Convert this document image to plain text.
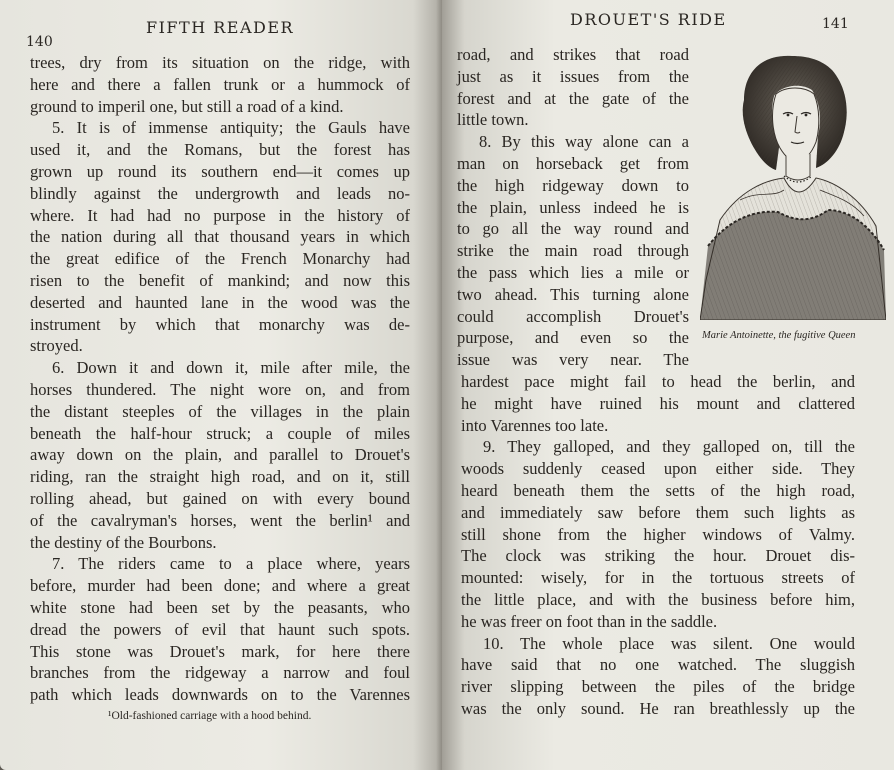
140
FIFTH READER
trees, dry from its situation on the ridge, with
here and there a fallen trunk or a hummock of
ground to imperil one, but still a road of a kind.
5. It is of immense antiquity; the Gauls have
used it, and the Romans, but the forest has
grown up round its southern end—it comes up
blindly against the undergrowth and leads no-
where. It had had no purpose in the history of
the nation during all that thousand years in which
the great edifice of the French Monarchy had
risen to the benefit of mankind; and now this
deserted and haunted lane in the wood was the
instrument by which that monarchy was de-
stroyed.
6. Down it and down it, mile after mile, the
horses thundered. The night wore on, and from
the distant steeples of the villages in the plain
beneath the half-hour struck; a couple of miles
away down on the plain, and parallel to Drouet's
riding, ran the straight high road, and on it, still
rolling ahead, but gained on with every bound
of the cavalryman's horses, went the berlin¹ and
the destiny of the Bourbons.
7. The riders came to a place where, years
before, murder had been done; and where a great
white stone had been set by the peasants, who
dread the powers of evil that haunt such spots.
This stone was Drouet's mark, for here there
branches from the ridgeway a narrow and foul
path which leads downwards on to the Varennes
¹Old-fashioned carriage with a hood behind.
DROUET'S RIDE	141
road, and strikes that road
just as it issues from the
forest and at the gate of the
little town.
8. By this way alone can a
man on horseback get from
the high ridgeway down to
the plain, unless indeed he is
to go all the way round and
strike the main road through
the pass which lies a mile or
two ahead. This turning alone
could accomplish Drouet's
purpose, and even so the
issue was very near. The
hardest pace might fail to head the berlin, and
he might have ruined his mount and clattered
into Varennes too late.
9. They galloped, and they galloped on, till the
woods suddenly ceased upon either side. They
heard beneath them the setts of the high road,
and immediately saw before them such lights as
still shone from the higher windows of Valmy.
The clock was striking the hour. Drouet dis-
mounted: wisely, for in the tortuous streets of
the little place, and with the business before him,
he was freer on foot than in the saddle.
10. The whole place was silent. One would
have said that no one watched. The sluggish
river slipping between the piles of the bridge
was the only sound. He ran breathlessly up the
Marie Antoinette, the fugitive Queen
